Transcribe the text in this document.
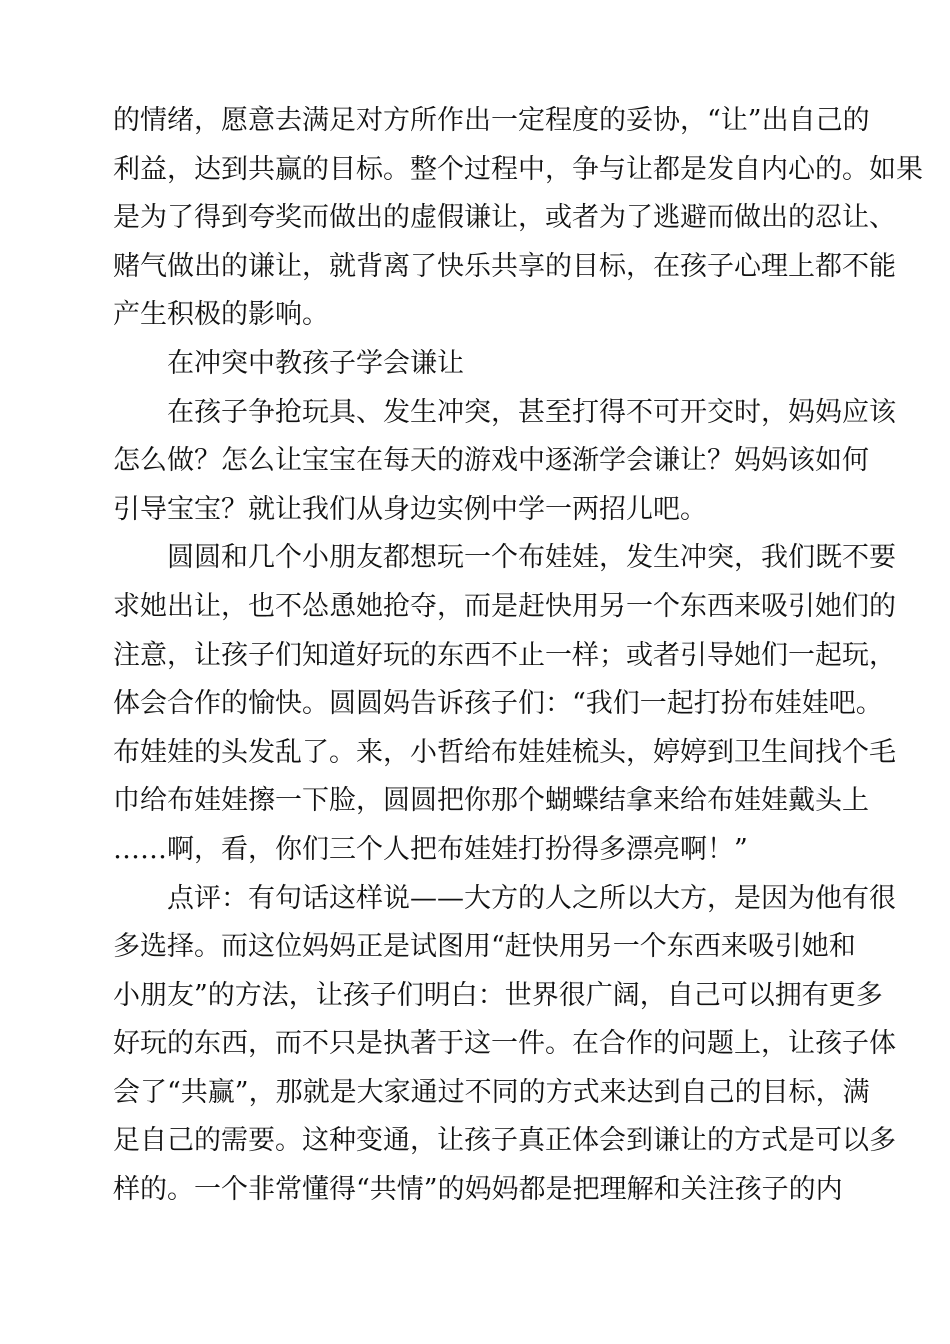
的情绪，愿意去满足对方所作出一定程度的妥协，“让”出自己的
利益，达到共赢的目标。整个过程中，争与让都是发自内心的。如果
是为了得到夸奖而做出的虚假谦让，或者为了逃避而做出的忍让、
赌气做出的谦让，就背离了快乐共享的目标，在孩子心理上都不能
产生积极的影响。
在冲突中教孩子学会谦让
在孩子争抢玩具、发生冲突，甚至打得不可开交时，妈妈应该
怎么做？怎么让宝宝在每天的游戏中逐渐学会谦让？妈妈该如何
引导宝宝？就让我们从身边实例中学一两招儿吧。
圆圆和几个小朋友都想玩一个布娃娃，发生冲突，我们既不要
求她出让，也不怂恿她抢夺，而是赶快用另一个东西来吸引她们的
注意，让孩子们知道好玩的东西不止一样；或者引导她们一起玩，
体会合作的愉快。圆圆妈告诉孩子们：“我们一起打扮布娃娃吧。
布娃娃的头发乱了。来，小哲给布娃娃梳头，婷婷到卫生间找个毛
巾给布娃娃擦一下脸，圆圆把你那个蝴蝶结拿来给布娃娃戴头上
……啊，看，你们三个人把布娃娃打扮得多漂亮啊！”
点评：有句话这样说——大方的人之所以大方，是因为他有很
多选择。而这位妈妈正是试图用“赶快用另一个东西来吸引她和
小朋友”的方法，让孩子们明白：世界很广阔，自己可以拥有更多
好玩的东西，而不只是执著于这一件。在合作的问题上，让孩子体
会了“共赢”，那就是大家通过不同的方式来达到自己的目标，满
足自己的需要。这种变通，让孩子真正体会到谦让的方式是可以多
样的。一个非常懂得“共情”的妈妈都是把理解和关注孩子的内
